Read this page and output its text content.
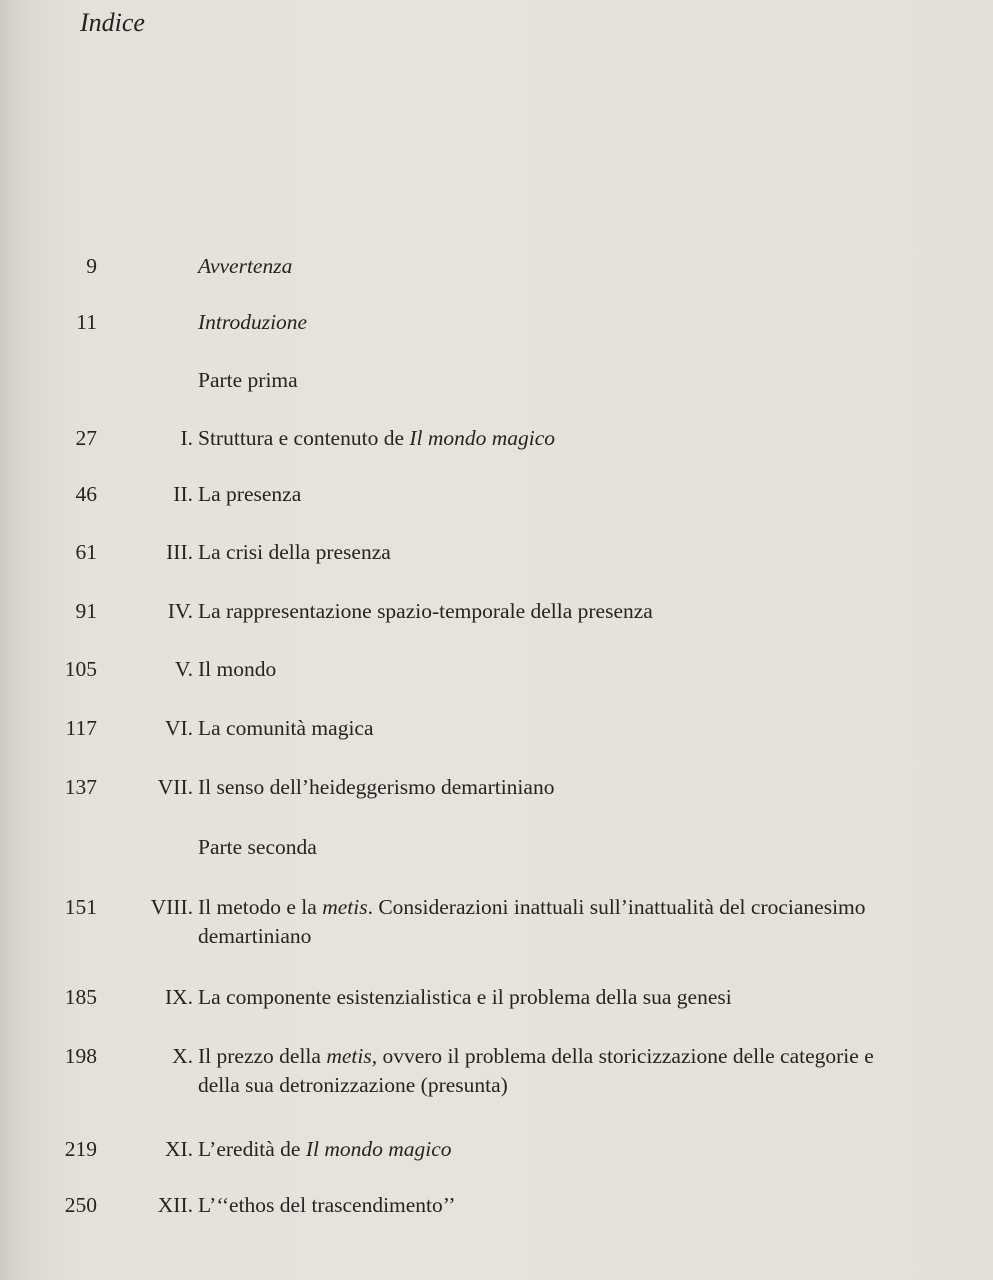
Indice
9	Avvertenza
11	Introduzione
Parte prima
27	I. Struttura e contenuto de Il mondo magico
46	II. La presenza
61	III. La crisi della presenza
91	IV. La rappresentazione spazio-temporale della presenza
105	V. Il mondo
117	VI. La comunità magica
137	VII. Il senso dell’heideggerismo demartiniano
Parte seconda
151 VIII. Il metodo e la metis. Considerazioni inattuali sull’inattualità del crocianesimo demartiniano
185	IX. La componente esistenzialistica e il problema della sua genesi
198	X. Il prezzo della metis, ovvero il problema della storicizzazione delle categorie e della sua detronizzazione (presunta)
219	XI. L’eredità de Il mondo magico
250	XII. L’‘‘ethos del trascendimento’’
